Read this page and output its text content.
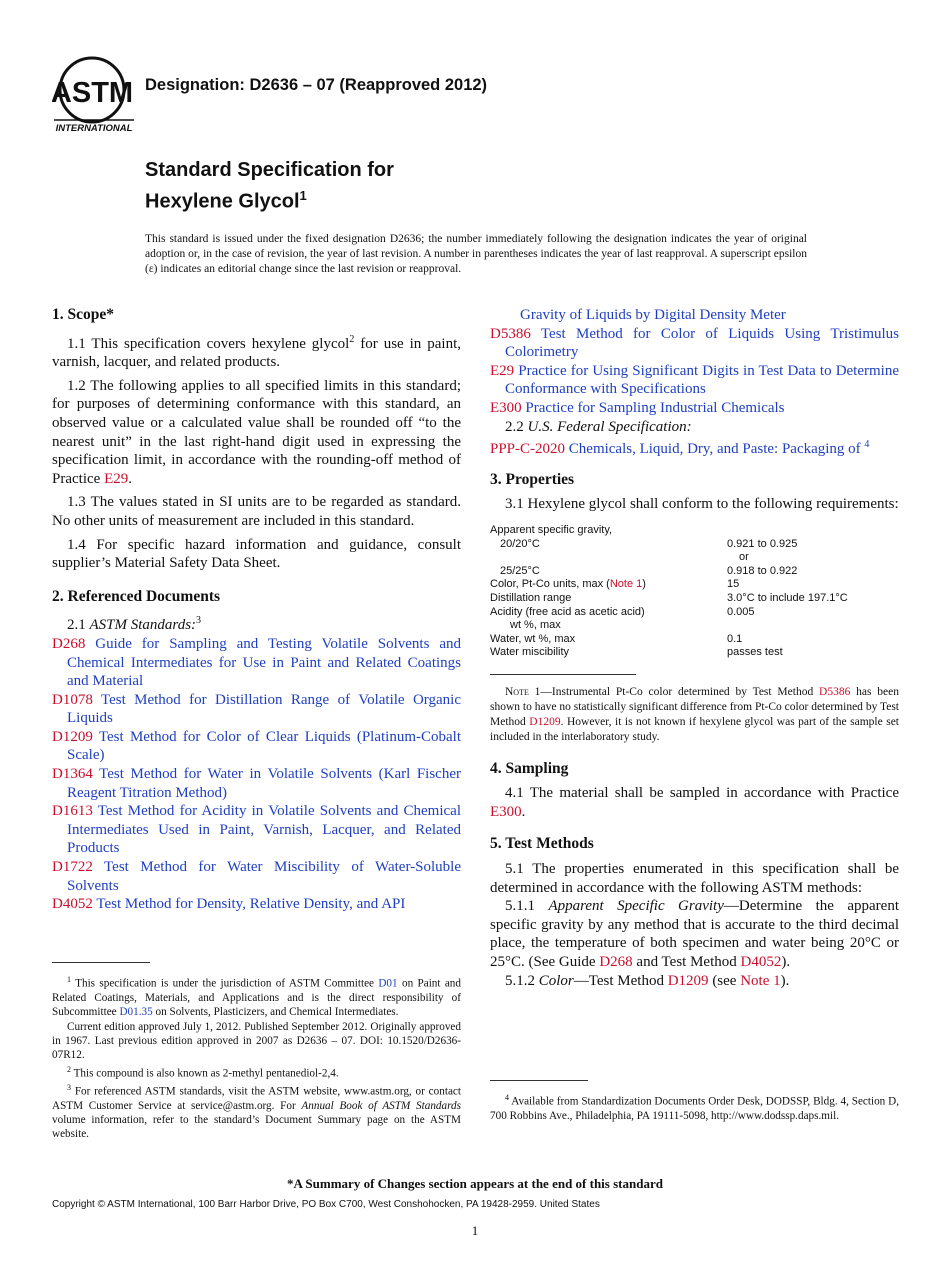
ASTM
INTERNATIONAL
Designation: D2636 – 07 (Reapproved 2012)
Standard Specification for
Hexylene Glycol$^1$
This standard is issued under the fixed designation D2636; the number immediately following the designation indicates the year of original adoption or, in the case of revision, the year of last revision. A number in parentheses indicates the year of last reapproval. A superscript epsilon (ε) indicates an editorial change since the last revision or reapproval.
1. Scope*

1.1 This specification covers hexylene glycol$^2$ for use in paint, varnish, lacquer, and related products.

1.2 The following applies to all specified limits in this standard; for purposes of determining conformance with this standard, an observed value or a calculated value shall be rounded off “to the nearest unit” in the last right-hand digit used in expressing the specification limit, in accordance with the rounding-off method of Practice E29.

1.3 The values stated in SI units are to be regarded as standard. No other units of measurement are included in this standard.

1.4 For specific hazard information and guidance, consult supplier’s Material Safety Data Sheet.

2. Referenced Documents

2.1 ASTM Standards:$^3$

D268 Guide for Sampling and Testing Volatile Solvents and Chemical Intermediates for Use in Paint and Related Coatings and Material

D1078 Test Method for Distillation Range of Volatile Organic Liquids

D1209 Test Method for Color of Clear Liquids (Platinum-Cobalt Scale)

D1364 Test Method for Water in Volatile Solvents (Karl Fischer Reagent Titration Method)

D1613 Test Method for Acidity in Volatile Solvents and Chemical Intermediates Used in Paint, Varnish, Lacquer, and Related Products

D1722 Test Method for Water Miscibility of Water-Soluble Solvents

D4052 Test Method for Density, Relative Density, and API

$^1$ This specification is under the jurisdiction of ASTM Committee D01 on Paint and Related Coatings, Materials, and Applications and is the direct responsibility of Subcommittee D01.35 on Solvents, Plasticizers, and Chemical Intermediates.

Current edition approved July 1, 2012. Published September 2012. Originally approved in 1967. Last previous edition approved in 2007 as D2636 – 07. DOI: 10.1520/D2636-07R12.

$^2$ This compound is also known as 2-methyl pentanediol-2,4.

$^3$ For referenced ASTM standards, visit the ASTM website, www.astm.org, or contact ASTM Customer Service at service@astm.org. For Annual Book of ASTM Standards volume information, refer to the standard’s Document Summary page on the ASTM website.

Gravity of Liquids by Digital Density Meter

D5386 Test Method for Color of Liquids Using Tristimulus Colorimetry

E29 Practice for Using Significant Digits in Test Data to Determine Conformance with Specifications

E300 Practice for Sampling Industrial Chemicals

2.2 U.S. Federal Specification:

PPP-C-2020 Chemicals, Liquid, Dry, and Paste: Packaging of $^4$

3. Properties

3.1 Hexylene glycol shall conform to the following requirements:

Apparent specific gravity,	
20/20°C	0.921 to 0.925
	or
25/25°C	0.918 to 0.922
Color, Pt-Co units, max (Note 1)	15
Distillation range	3.0°C to include 197.1°C
Acidity (free acid as acetic acid)	0.005
wt %, max	
Water, wt %, max	0.1
Water miscibility	passes test

Note 1—Instrumental Pt-Co color determined by Test Method D5386 has been shown to have no statistically significant difference from Pt-Co color determined by Test Method D1209. However, it is not known if hexylene glycol was part of the sample set included in the interlaboratory study.

4. Sampling

4.1 The material shall be sampled in accordance with Practice E300.

5. Test Methods

5.1 The properties enumerated in this specification shall be determined in accordance with the following ASTM methods:

5.1.1 Apparent Specific Gravity—Determine the apparent specific gravity by any method that is accurate to the third decimal place, the temperature of both specimen and water being 20°C or 25°C. (See Guide D268 and Test Method D4052).

5.1.2 Color—Test Method D1209 (see Note 1).

$^4$ Available from Standardization Documents Order Desk, DODSSP, Bldg. 4, Section D, 700 Robbins Ave., Philadelphia, PA 19111-5098, http://www.dodssp.daps.mil.

*A Summary of Changes section appears at the end of this standard
Copyright © ASTM International, 100 Barr Harbor Drive, PO Box C700, West Conshohocken, PA 19428-2959. United States
1
